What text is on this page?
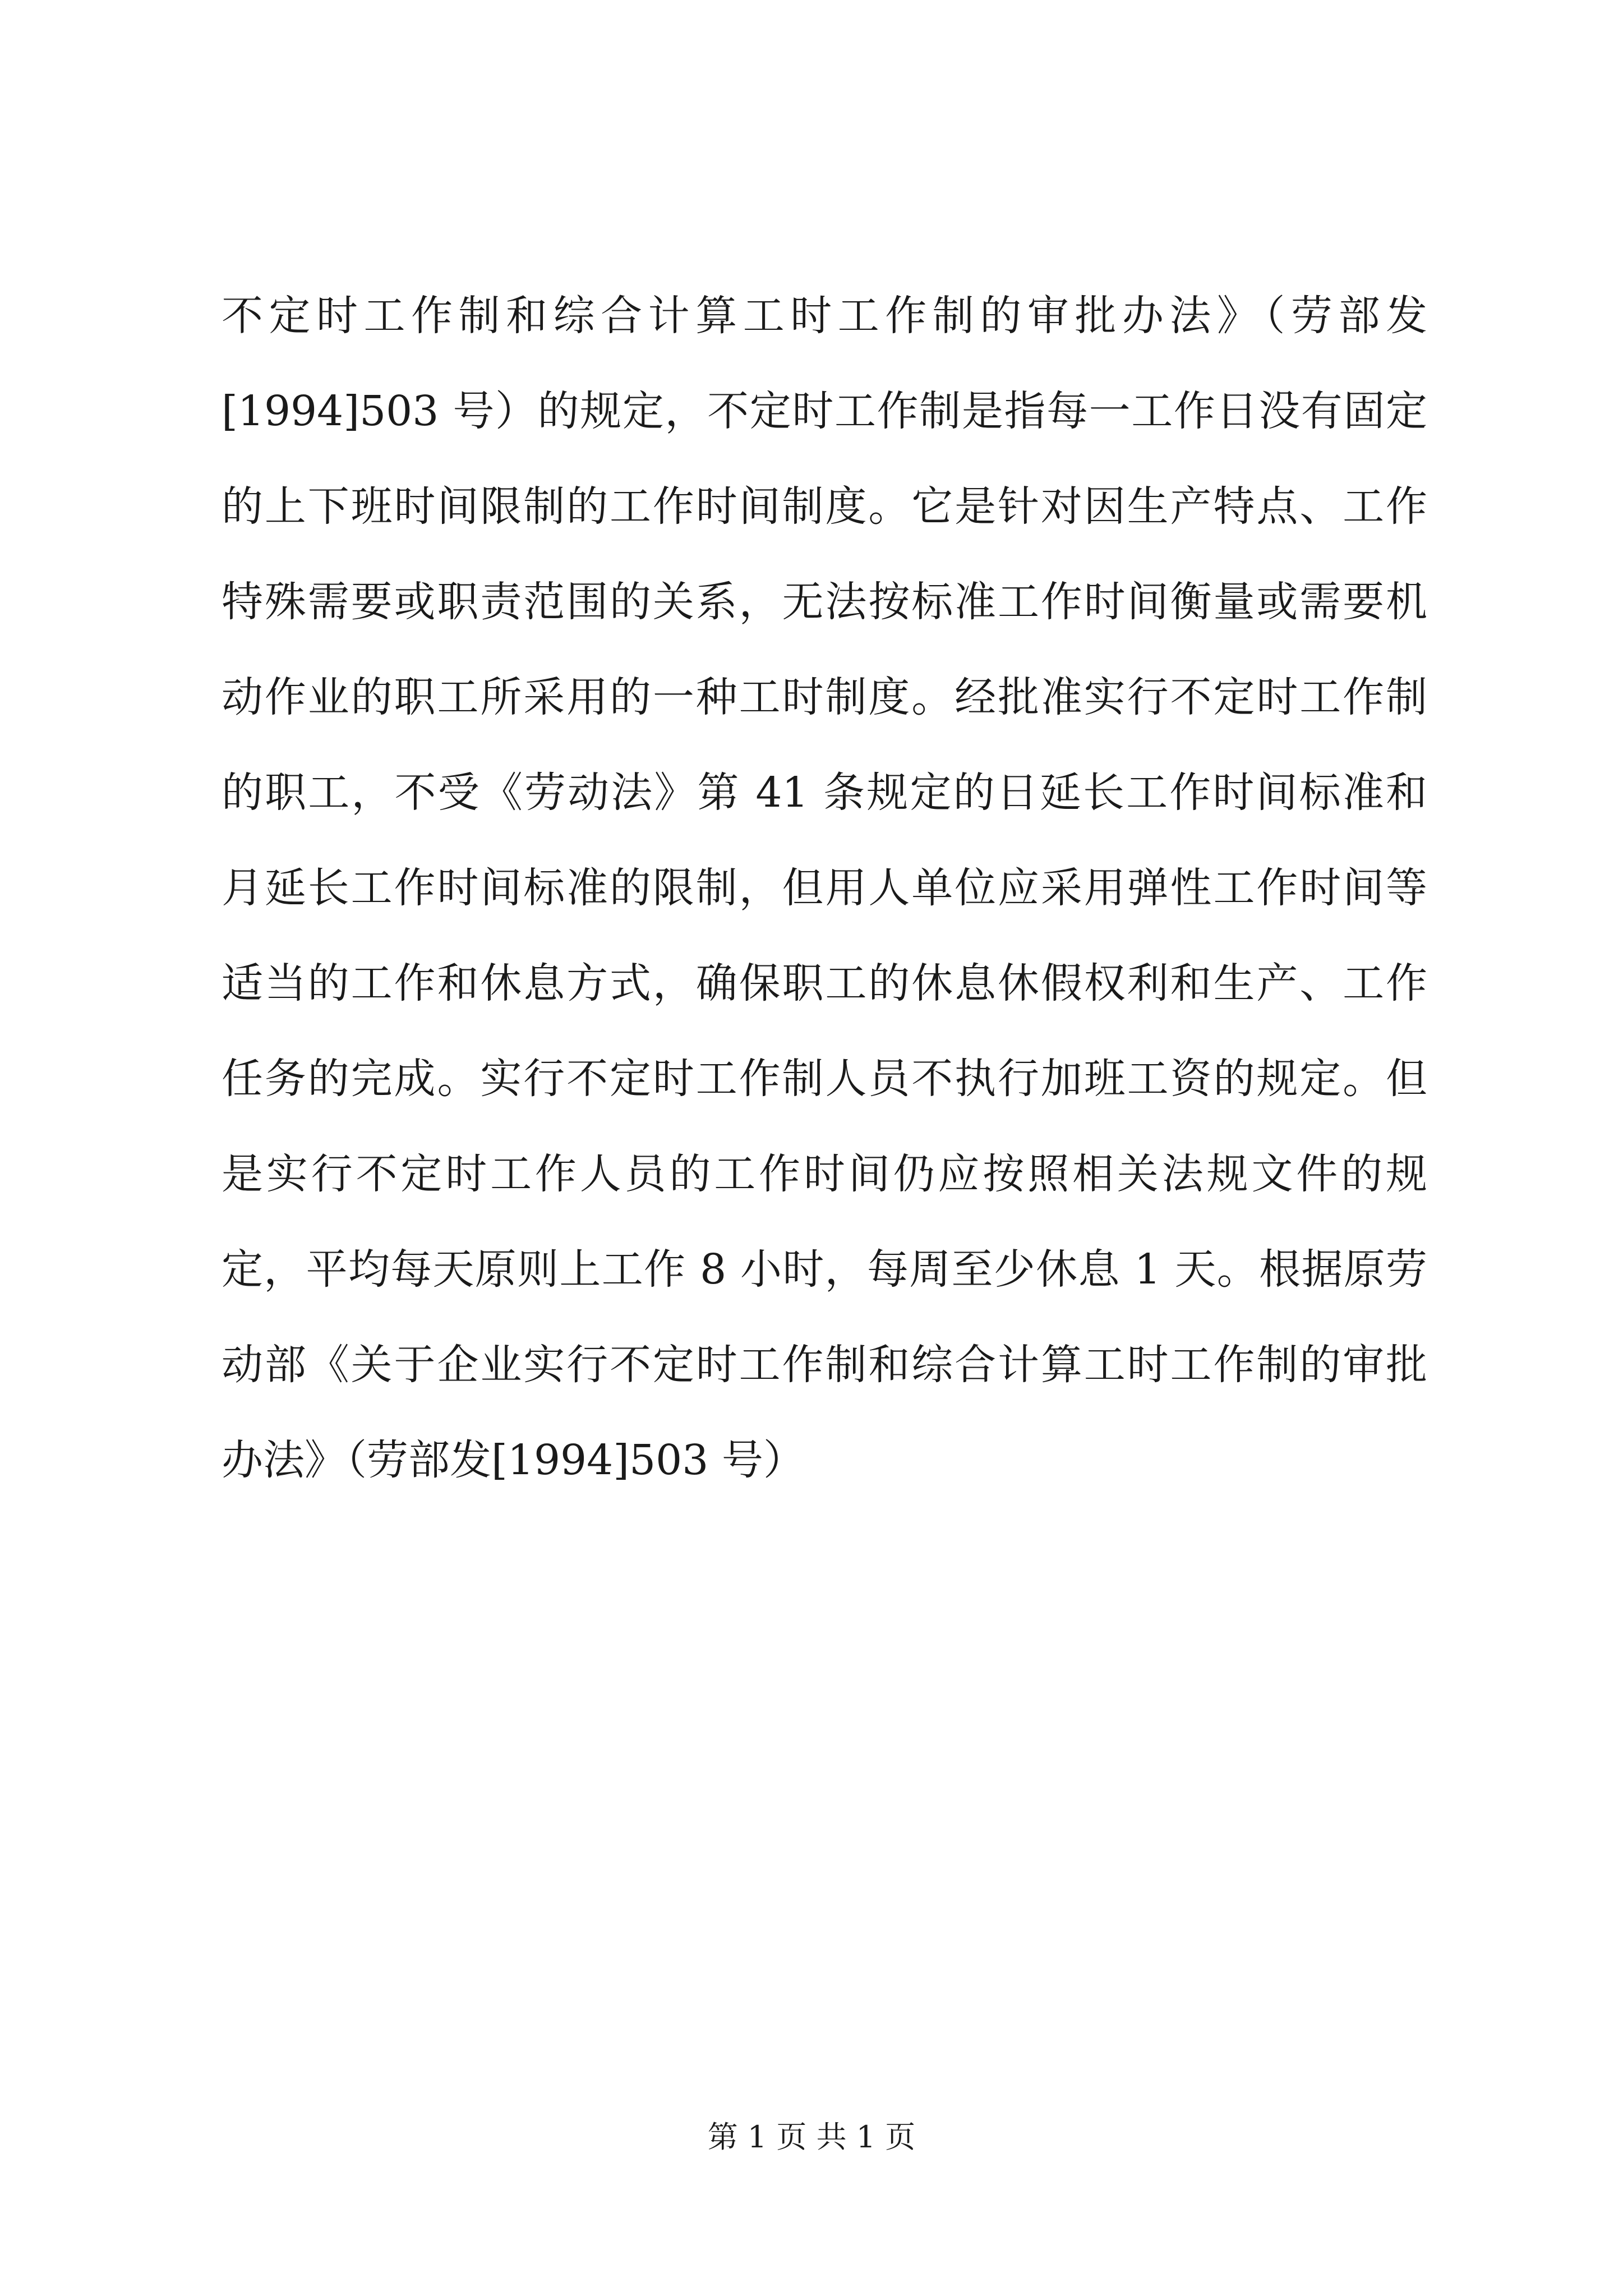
不定时工作制和综合计算工时工作制的审批办法》（劳部发
[1994]503 号）的规定，不定时工作制是指每一工作日没有固定
的上下班时间限制的工作时间制度。它是针对因生产特点、工作
特殊需要或职责范围的关系，无法按标准工作时间衡量或需要机
动作业的职工所采用的一种工时制度。经批准实行不定时工作制
的职工，不受《劳动法》第 41 条规定的日延长工作时间标准和
月延长工作时间标准的限制，但用人单位应采用弹性工作时间等
适当的工作和休息方式，确保职工的休息休假权利和生产、工作
任务的完成。实行不定时工作制人员不执行加班工资的规定。但
是实行不定时工作人员的工作时间仍应按照相关法规文件的规
定，平均每天原则上工作 8 小时，每周至少休息 1 天。根据原劳
动部《关于企业实行不定时工作制和综合计算工时工作制的审批
办法》（劳部发[1994]503 号）
第 1 页 共 1 页
